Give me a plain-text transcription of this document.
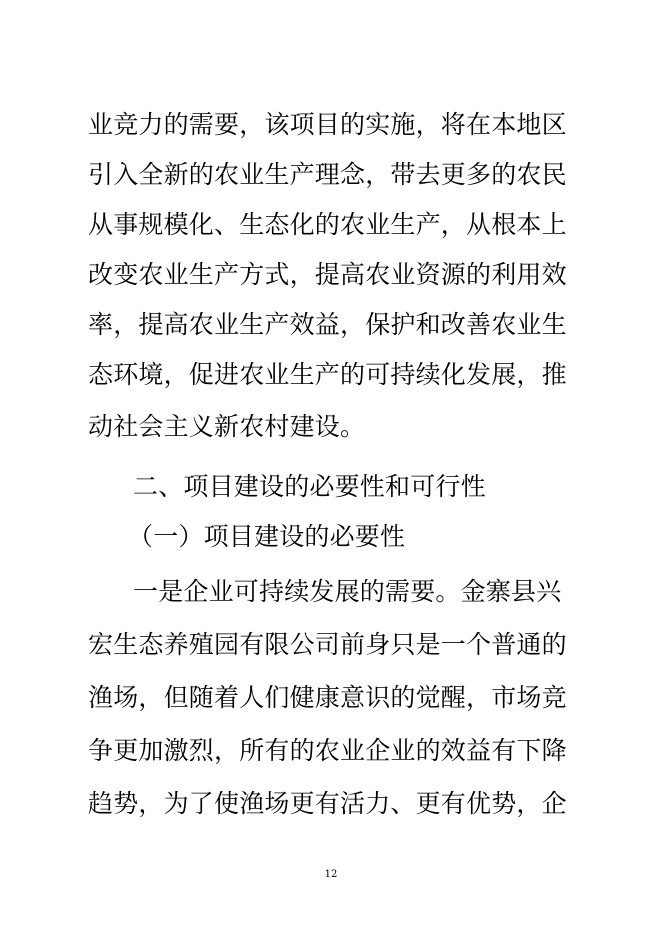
业竞力的需要，该项目的实施，将在本地区
引入全新的农业生产理念，带去更多的农民
从事规模化、生态化的农业生产，从根本上
改变农业生产方式，提高农业资源的利用效
率，提高农业生产效益，保护和改善农业生
态环境，促进农业生产的可持续化发展，推
动社会主义新农村建设。
二、项目建设的必要性和可行性
（一）项目建设的必要性
一是企业可持续发展的需要。金寨县兴
宏生态养殖园有限公司前身只是一个普通的
渔场，但随着人们健康意识的觉醒，市场竞
争更加激烈，所有的农业企业的效益有下降
趋势，为了使渔场更有活力、更有优势，企
12
